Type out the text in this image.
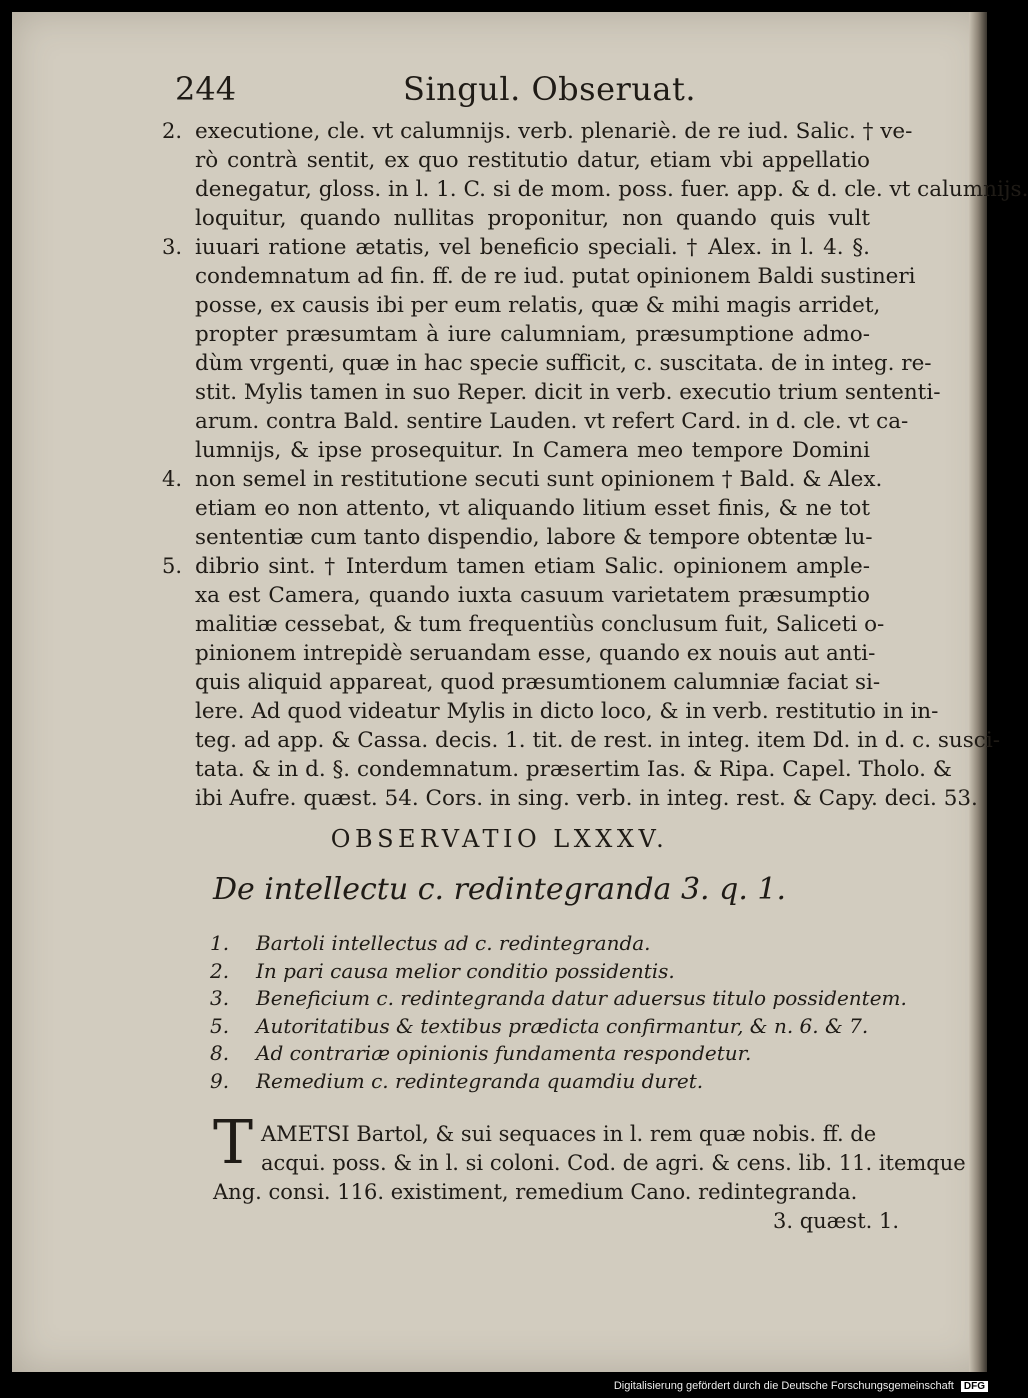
244	Singul. Obseruat.
2. executione, cle. vt calumnijs. verb. plenariè. de re iud. Salic. † ve-
rò contrà sentit, ex quo restitutio datur, etiam vbi appellatio
denegatur, gloss. in l. 1. C. si de mom. poss. fuer. app. & d. cle. vt calumnijs.
loquitur, quando nullitas proponitur, non quando quis vult
3. iuuari ratione ætatis, vel beneficio speciali. † Alex. in l. 4. §.
condemnatum ad fin. ff. de re iud. putat opinionem Baldi sustineri
posse, ex causis ibi per eum relatis, quæ & mihi magis arridet,
propter præsumtam à iure calumniam, præsumptione admo-
dùm vrgenti, quæ in hac specie sufficit, c. suscitata. de in integ. re-
stit. Mylis tamen in suo Reper. dicit in verb. executio trium sententi-
arum. contra Bald. sentire Lauden. vt refert Card. in d. cle. vt ca-
lumnijs, & ipse prosequitur. In Camera meo tempore Domini
4. non semel in restitutione secuti sunt opinionem † Bald. & Alex.
etiam eo non attento, vt aliquando litium esset finis, & ne tot
sententiæ cum tanto dispendio, labore & tempore obtentæ lu-
5. dibrio sint. † Interdum tamen etiam Salic. opinionem ample-
xa est Camera, quando iuxta casuum varietatem præsumptio
malitiæ cessebat, & tum frequentiùs conclusum fuit, Saliceti o-
pinionem intrepidè seruandam esse, quando ex nouis aut anti-
quis aliquid appareat, quod præsumtionem calumniæ faciat si-
lere. Ad quod videatur Mylis in dicto loco, & in verb. restitutio in in-
teg. ad app. & Cassa. decis. 1. tit. de rest. in integ. item Dd. in d. c. susci-
tata. & in d. §. condemnatum. præsertim Ias. & Ripa. Capel. Tholo. &
ibi Aufre. quæst. 54. Cors. in sing. verb. in integ. rest. & Capy. deci. 53.
OBSERVATIO LXXXV.
De intellectu c. redintegranda 3. q. 1.
1.	Bartoli intellectus ad c. redintegranda.
2.	In pari causa melior conditio possidentis.
3.	Beneficium c. redintegranda datur aduersus titulo possidentem.
5.	Autoritatibus & textibus prædicta confirmantur, & n. 6. & 7.
8.	Ad contrariæ opinionis fundamenta respondetur.
9.	Remedium c. redintegranda quamdiu duret.
T AMETSI Bartol, & sui sequaces in l. rem quæ nobis. ff. de
acqui. poss. & in l. si coloni. Cod. de agri. & cens. lib. 11. itemque
Ang. consi. 116. existiment, remedium Cano. redintegranda.
3. quæst. 1.
Digitalisierung gefördert durch die Deutsche Forschungsgemeinschaft DFG
